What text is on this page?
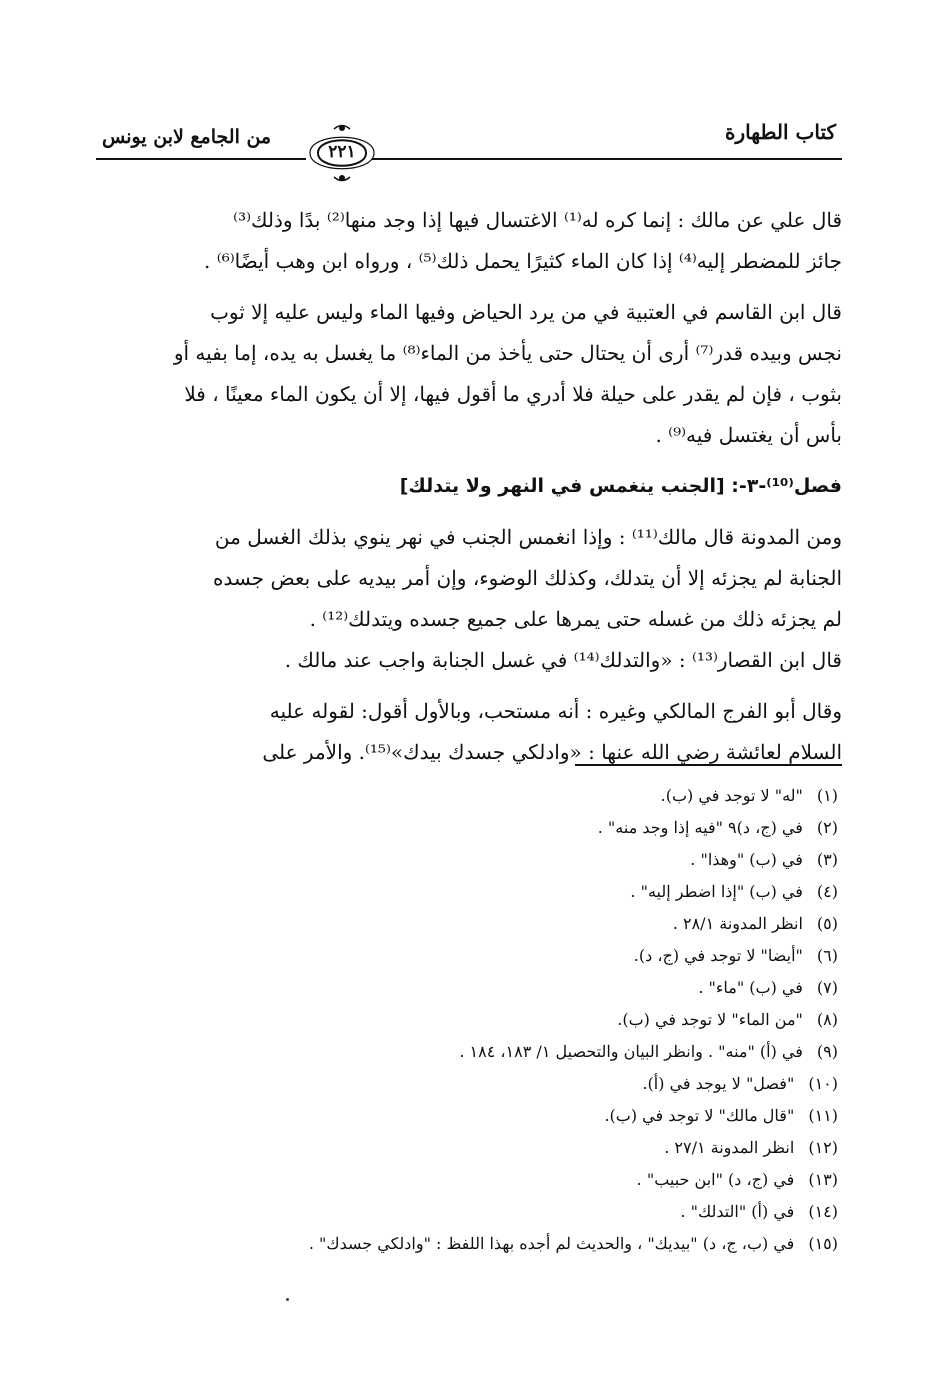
كتاب الطهارة
٢٢١
من الجامع لابن يونس
قال علي عن مالك : إنما كره له⁽¹⁾ الاغتسال فيها إذا وجد منها⁽²⁾ بدًا وذلك⁽³⁾
جائز للمضطر إليه⁽⁴⁾ إذا كان الماء كثيرًا يحمل ذلك⁽⁵⁾ ، ورواه ابن وهب أيضًا⁽⁶⁾ .
قال ابن القاسم في العتبية في من يرد الحياض وفيها الماء وليس عليه إلا ثوب
نجس وبيده قدر⁽⁷⁾ أرى أن يحتال حتى يأخذ من الماء⁽⁸⁾ ما يغسل به يده، إما بفيه أو
بثوب ، فإن لم يقدر على حيلة فلا أدري ما أقول فيها، إلا أن يكون الماء معينًا ، فلا
بأس أن يغتسل فيه⁽⁹⁾ .
فصل⁽¹⁰⁾-٣-: [الجنب ينغمس في النهر ولا يتدلك]
ومن المدونة قال مالك⁽¹¹⁾ : وإذا انغمس الجنب في نهر ينوي بذلك الغسل من
الجنابة لم يجزئه إلا أن يتدلك، وكذلك الوضوء، وإن أمر بيديه على بعض جسده
لم يجزئه ذلك من غسله حتى يمرها على جميع جسده ويتدلك⁽¹²⁾ .
قال ابن القصار⁽¹³⁾ : «والتدلك⁽¹⁴⁾ في غسل الجنابة واجب عند مالك .
وقال أبو الفرج المالكي وغيره : أنه مستحب، وبالأول أقول: لقوله عليه
السلام لعائشة رضي الله عنها : «وادلكي جسدك بيدك»⁽¹⁵⁾. والأمر على
(١)"له" لا توجد في (ب).
(٢)في (ج، د)٩ "فيه إذا وجد منه" .
(٣)في (ب) "وهذا" .
(٤)في (ب) "إذا اضطر إليه" .
(٥)انظر المدونة ٢٨/١ .
(٦)"أيضا" لا توجد في (ج، د).
(٧)في (ب) "ماء" .
(٨)"من الماء" لا توجد في (ب).
(٩)في (أ) "منه" . وانظر البيان والتحصيل ١/ ١٨٣، ١٨٤ .
(١٠)"فصل" لا يوجد في (أ).
(١١)"قال مالك" لا توجد في (ب).
(١٢)انظر المدونة ٢٧/١ .
(١٣)في (ج، د) "ابن حبيب" .
(١٤)في (أ) "التدلك" .
(١٥)في (ب، ج، د) "بيديك" ، والحديث لم أجده بهذا اللفظ : "وادلكي جسدك" .
